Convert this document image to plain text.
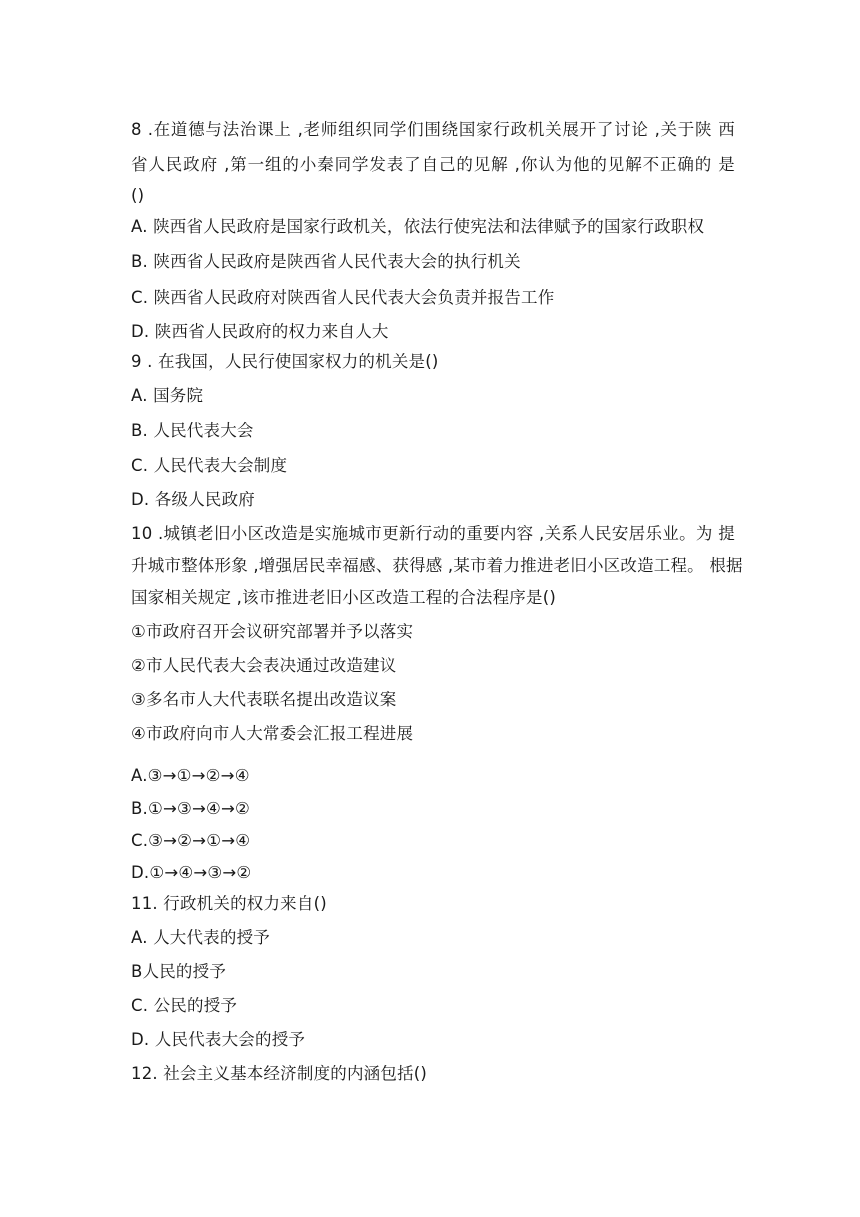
8 .在道德与法治课上 ,老师组织同学们围绕国家行政机关展开了讨论 ,关于陕 西
省人民政府 ,第一组的小秦同学发表了自己的见解 ,你认为他的见解不正确的 是
()
A. 陕西省人民政府是国家行政机关，依法行使宪法和法律赋予的国家行政职权
B. 陕西省人民政府是陕西省人民代表大会的执行机关
C. 陕西省人民政府对陕西省人民代表大会负责并报告工作
D. 陕西省人民政府的权力来自人大
9 . 在我国，人民行使国家权力的机关是()
A. 国务院
B. 人民代表大会
C. 人民代表大会制度
D. 各级人民政府
10 .城镇老旧小区改造是实施城市更新行动的重要内容 ,关系人民安居乐业。为 提
升城市整体形象 ,增强居民幸福感、获得感 ,某市着力推进老旧小区改造工程。 根据
国家相关规定 ,该市推进老旧小区改造工程的合法程序是()
①市政府召开会议研究部署并予以落实
②市人民代表大会表决通过改造建议
③多名市人大代表联名提出改造议案
④市政府向市人大常委会汇报工程进展
A.③→①→②→④
B.①→③→④→②
C.③→②→①→④
D.①→④→③→②
11. 行政机关的权力来自()
A. 人大代表的授予
B人民的授予
C. 公民的授予
D. 人民代表大会的授予
12. 社会主义基本经济制度的内涵包括()
